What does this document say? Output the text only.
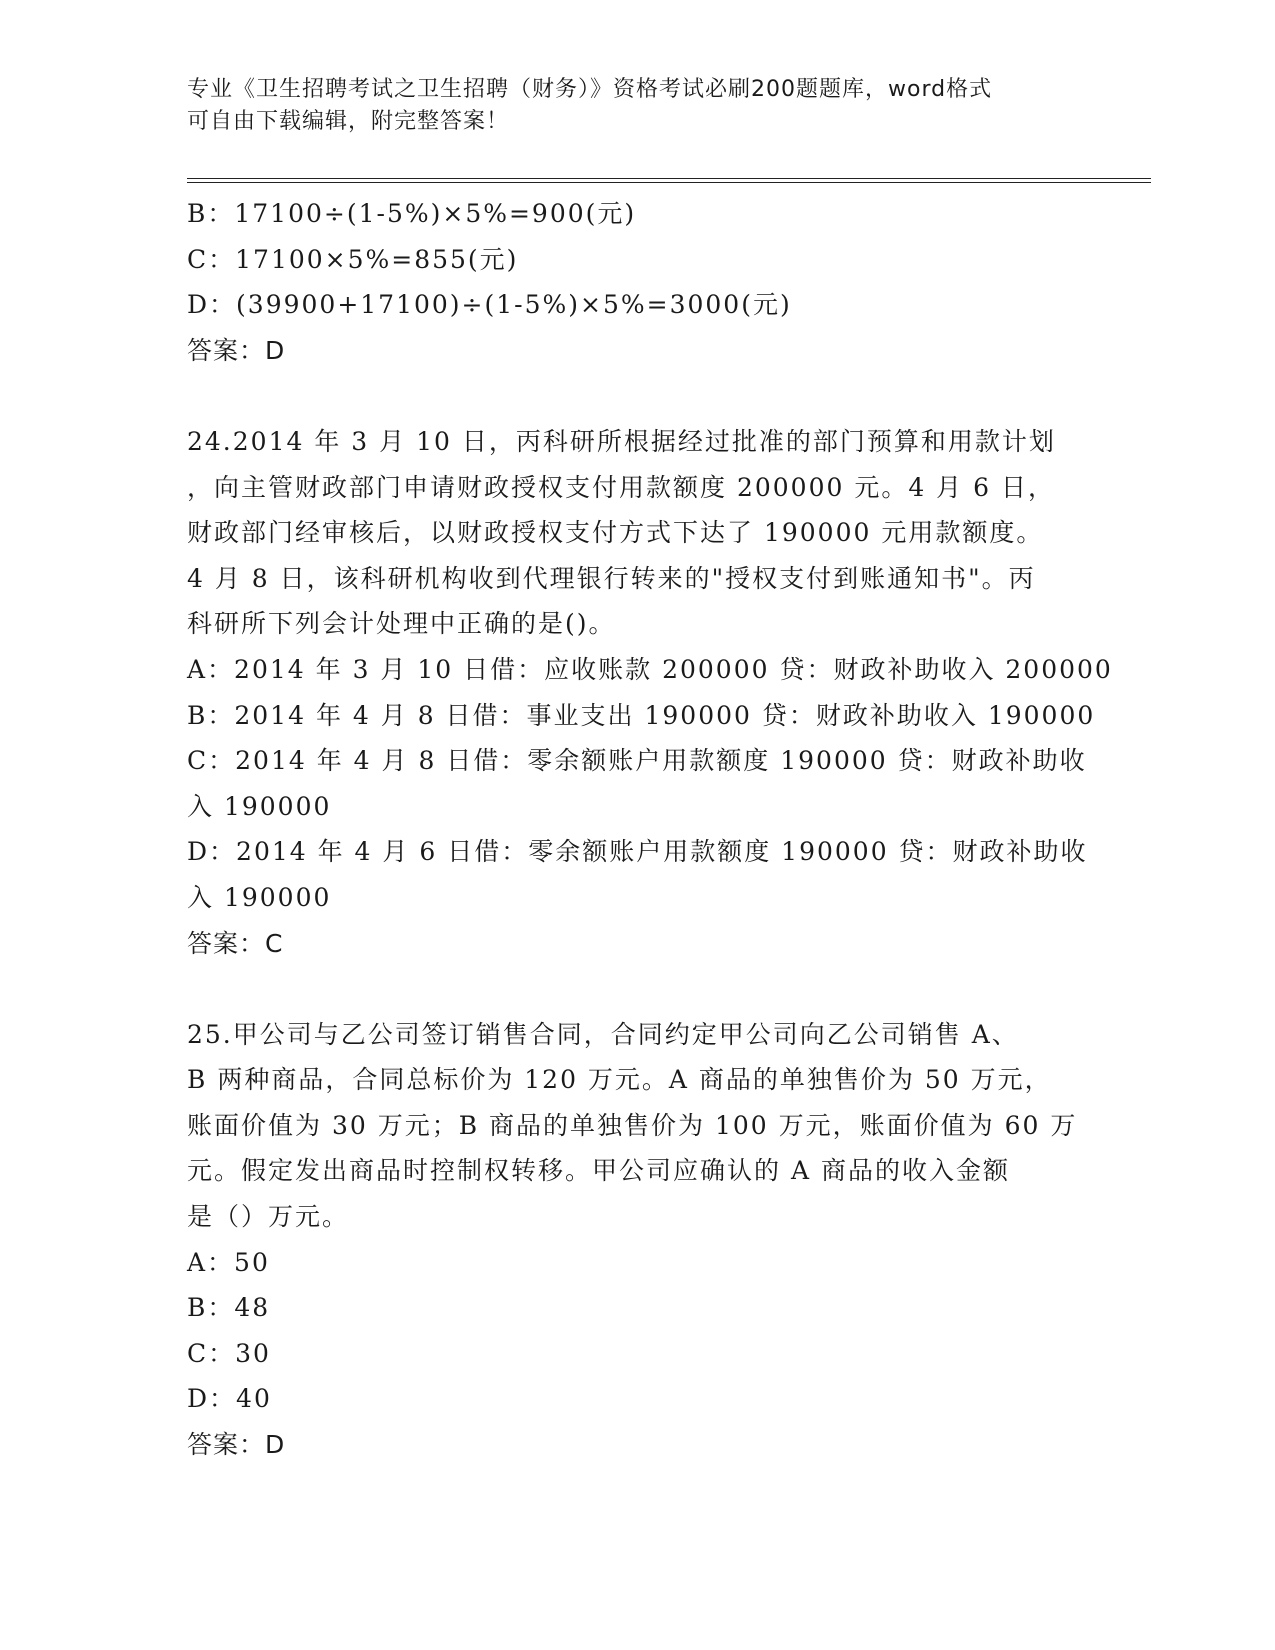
专业《卫生招聘考试之卫生招聘（财务）》资格考试必刷200题题库，word格式
可自由下载编辑，附完整答案！
B：17100÷(1-5%)×5%=900(元)
C：17100×5%=855(元)
D：(39900+17100)÷(1-5%)×5%=3000(元)
答案：D
24.2014 年 3 月 10 日，丙科研所根据经过批准的部门预算和用款计划
，向主管财政部门申请财政授权支付用款额度 200000 元。4 月 6 日，
财政部门经审核后，以财政授权支付方式下达了 190000 元用款额度。
4 月 8 日，该科研机构收到代理银行转来的"授权支付到账通知书"。丙
科研所下列会计处理中正确的是()。
A：2014 年 3 月 10 日借：应收账款 200000 贷：财政补助收入 200000
B：2014 年 4 月 8 日借：事业支出 190000 贷：财政补助收入 190000
C：2014 年 4 月 8 日借：零余额账户用款额度 190000 贷：财政补助收
入 190000
D：2014 年 4 月 6 日借：零余额账户用款额度 190000 贷：财政补助收
入 190000
答案：C
25.甲公司与乙公司签订销售合同，合同约定甲公司向乙公司销售 A、
B 两种商品，合同总标价为 120 万元。A 商品的单独售价为 50 万元，
账面价值为 30 万元；B 商品的单独售价为 100 万元，账面价值为 60 万
元。假定发出商品时控制权转移。甲公司应确认的 A 商品的收入金额
是（）万元。
A：50
B：48
C：30
D：40
答案：D
